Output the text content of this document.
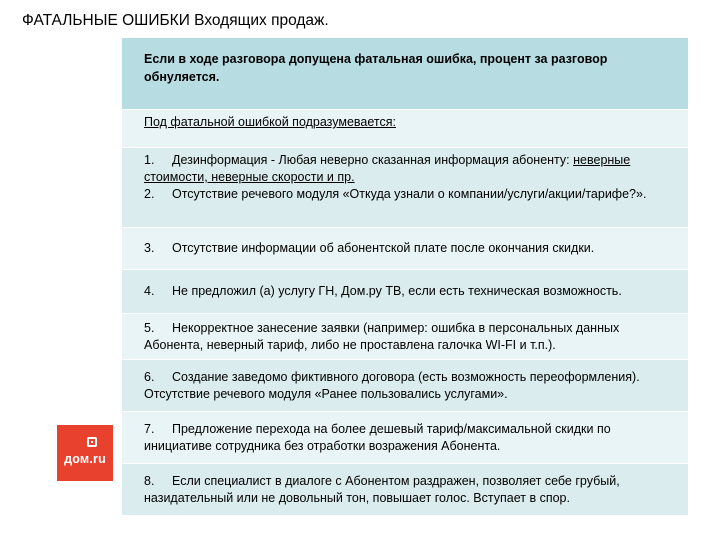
ФАТАЛЬНЫЕ ОШИБКИ Входящих продаж.
Если в ходе разговора допущена фатальная ошибка, процент за разговор обнуляется.
Под фатальной ошибкой подразумевается:
1. Дезинформация - Любая неверно сказанная информация абоненту: неверные стоимости, неверные скорости и пр.
2. Отсутствие речевого модуля «Откуда узнали о компании/услуги/акции/тарифе?».
3.	Отсутствие информации об абонентской плате после окончания скидки.
4.	Не предложил (а) услугу ГН, Дом.ру ТВ, если есть техническая возможность.
5. Некорректное занесение заявки (например: ошибка в персональных данных Абонента, неверный тариф, либо не проставлена галочка WI-FI и т.п.).
6. Создание заведомо фиктивного договора (есть возможность переоформления). Отсутствие речевого модуля «Ранее пользовались услугами».
7. Предложение перехода на более дешевый тариф/максимальной скидки по инициативе сотрудника без отработки возражения Абонента.
8. Если специалист в диалоге с Абонентом раздражен, позволяет себе грубый, назидательный или не довольный тон, повышает голос. Вступает в спор.
дом.ru
